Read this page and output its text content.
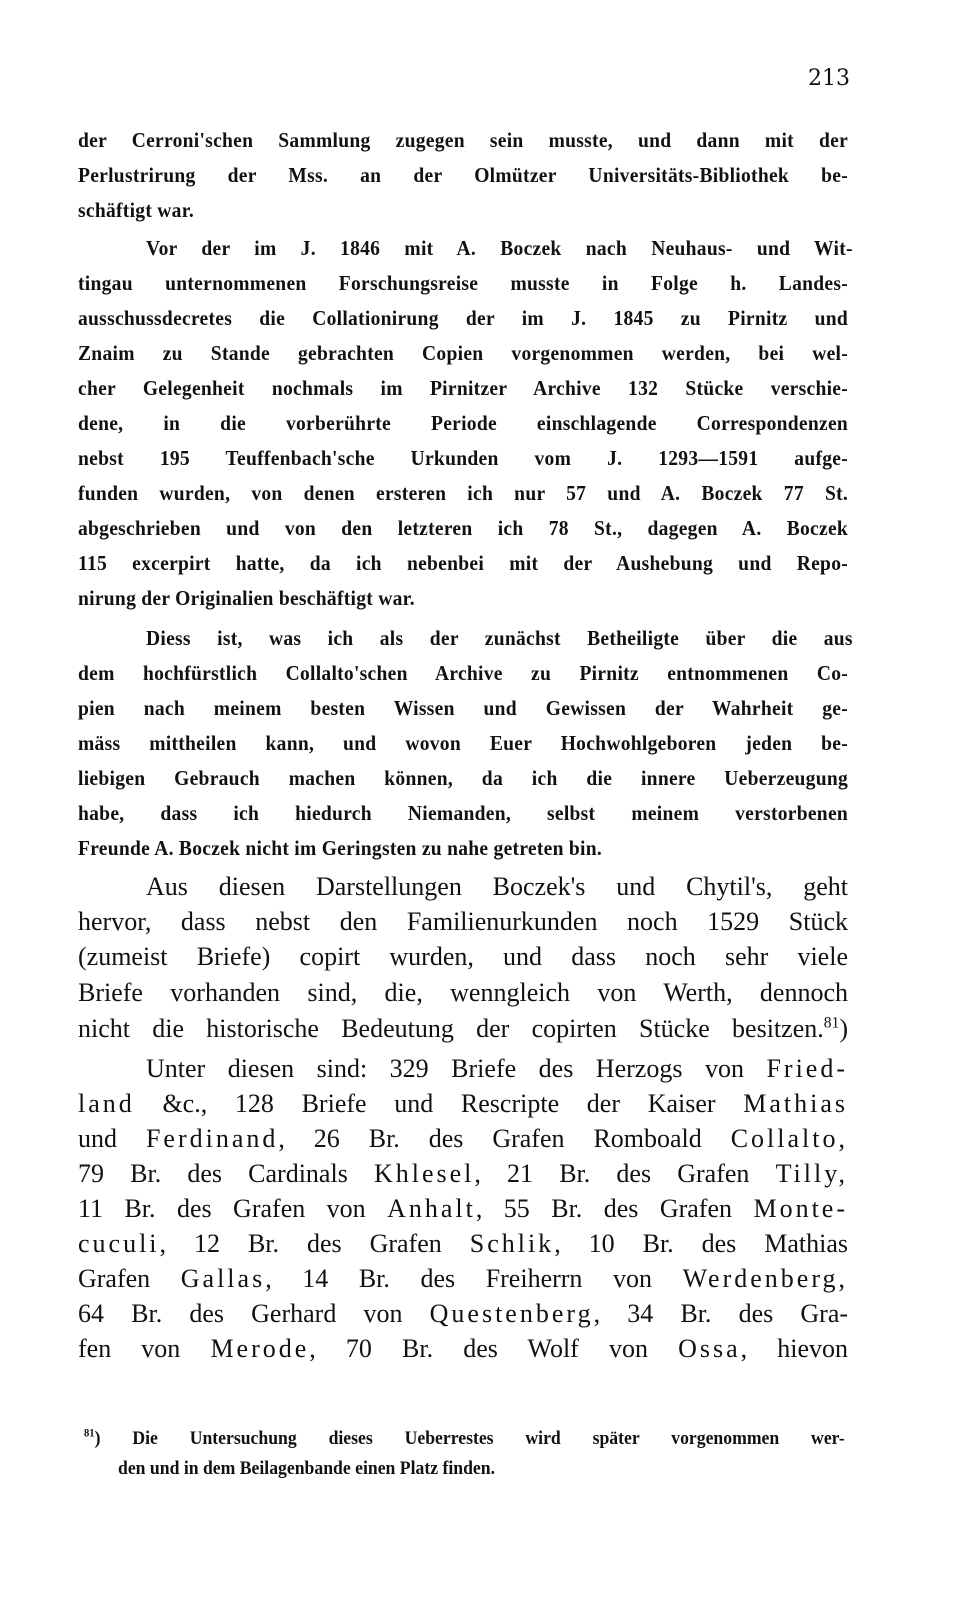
213
der Cerroni'schen Sammlung zugegen sein musste, und dann mit der
Perlustrirung der Mss. an der Olmützer Universitäts-Bibliothek be-
schäftigt war.
Vor der im J. 1846 mit A. Boczek nach Neuhaus- und Wit-
tingau unternommenen Forschungsreise musste in Folge h. Landes-
ausschussdecretes die Collationirung der im J. 1845 zu Pirnitz und
Znaim zu Stande gebrachten Copien vorgenommen werden, bei wel-
cher Gelegenheit nochmals im Pirnitzer Archive 132 Stücke verschie-
dene, in die vorberührte Periode einschlagende Correspondenzen
nebst 195 Teuffenbach'sche Urkunden vom J. 1293—1591 aufge-
funden wurden, von denen ersteren ich nur 57 und A. Boczek 77 St.
abgeschrieben und von den letzteren ich 78 St., dagegen A. Boczek
115 excerpirt hatte, da ich nebenbei mit der Aushebung und Repo-
nirung der Originalien beschäftigt war.
Diess ist, was ich als der zunächst Betheiligte über die aus
dem hochfürstlich Collalto'schen Archive zu Pirnitz entnommenen Co-
pien nach meinem besten Wissen und Gewissen der Wahrheit ge-
mäss mittheilen kann, und wovon Euer Hochwohlgeboren jeden be-
liebigen Gebrauch machen können, da ich die innere Ueberzeugung
habe, dass ich hiedurch Niemanden, selbst meinem verstorbenen
Freunde A. Boczek nicht im Geringsten zu nahe getreten bin.
Aus diesen Darstellungen Boczek's und Chytil's, geht
hervor, dass nebst den Familienurkunden noch 1529 Stück
(zumeist Briefe) copirt wurden, und dass noch sehr viele
Briefe vorhanden sind, die, wenngleich von Werth, dennoch
nicht die historische Bedeutung der copirten Stücke besitzen.$^{81}$)
Unter diesen sind: 329 Briefe des Herzogs von Fried-
land &c., 128 Briefe und Rescripte der Kaiser Mathias
und Ferdinand, 26 Br. des Grafen Romboald Collalto,
79 Br. des Cardinals Khlesel, 21 Br. des Grafen Tilly,
11 Br. des Grafen von Anhalt, 55 Br. des Grafen Monte-
cuculi, 12 Br. des Grafen Schlik, 10 Br. des Mathias
Grafen Gallas, 14 Br. des Freiherrn von Werdenberg,
64 Br. des Gerhard von Questenberg, 34 Br. des Gra-
fen von Merode, 70 Br. des Wolf von Ossa, hievon
$^{81}$) Die Untersuchung dieses Ueberrestes wird später vorgenommen wer-
den und in dem Beilagenbande einen Platz finden.
